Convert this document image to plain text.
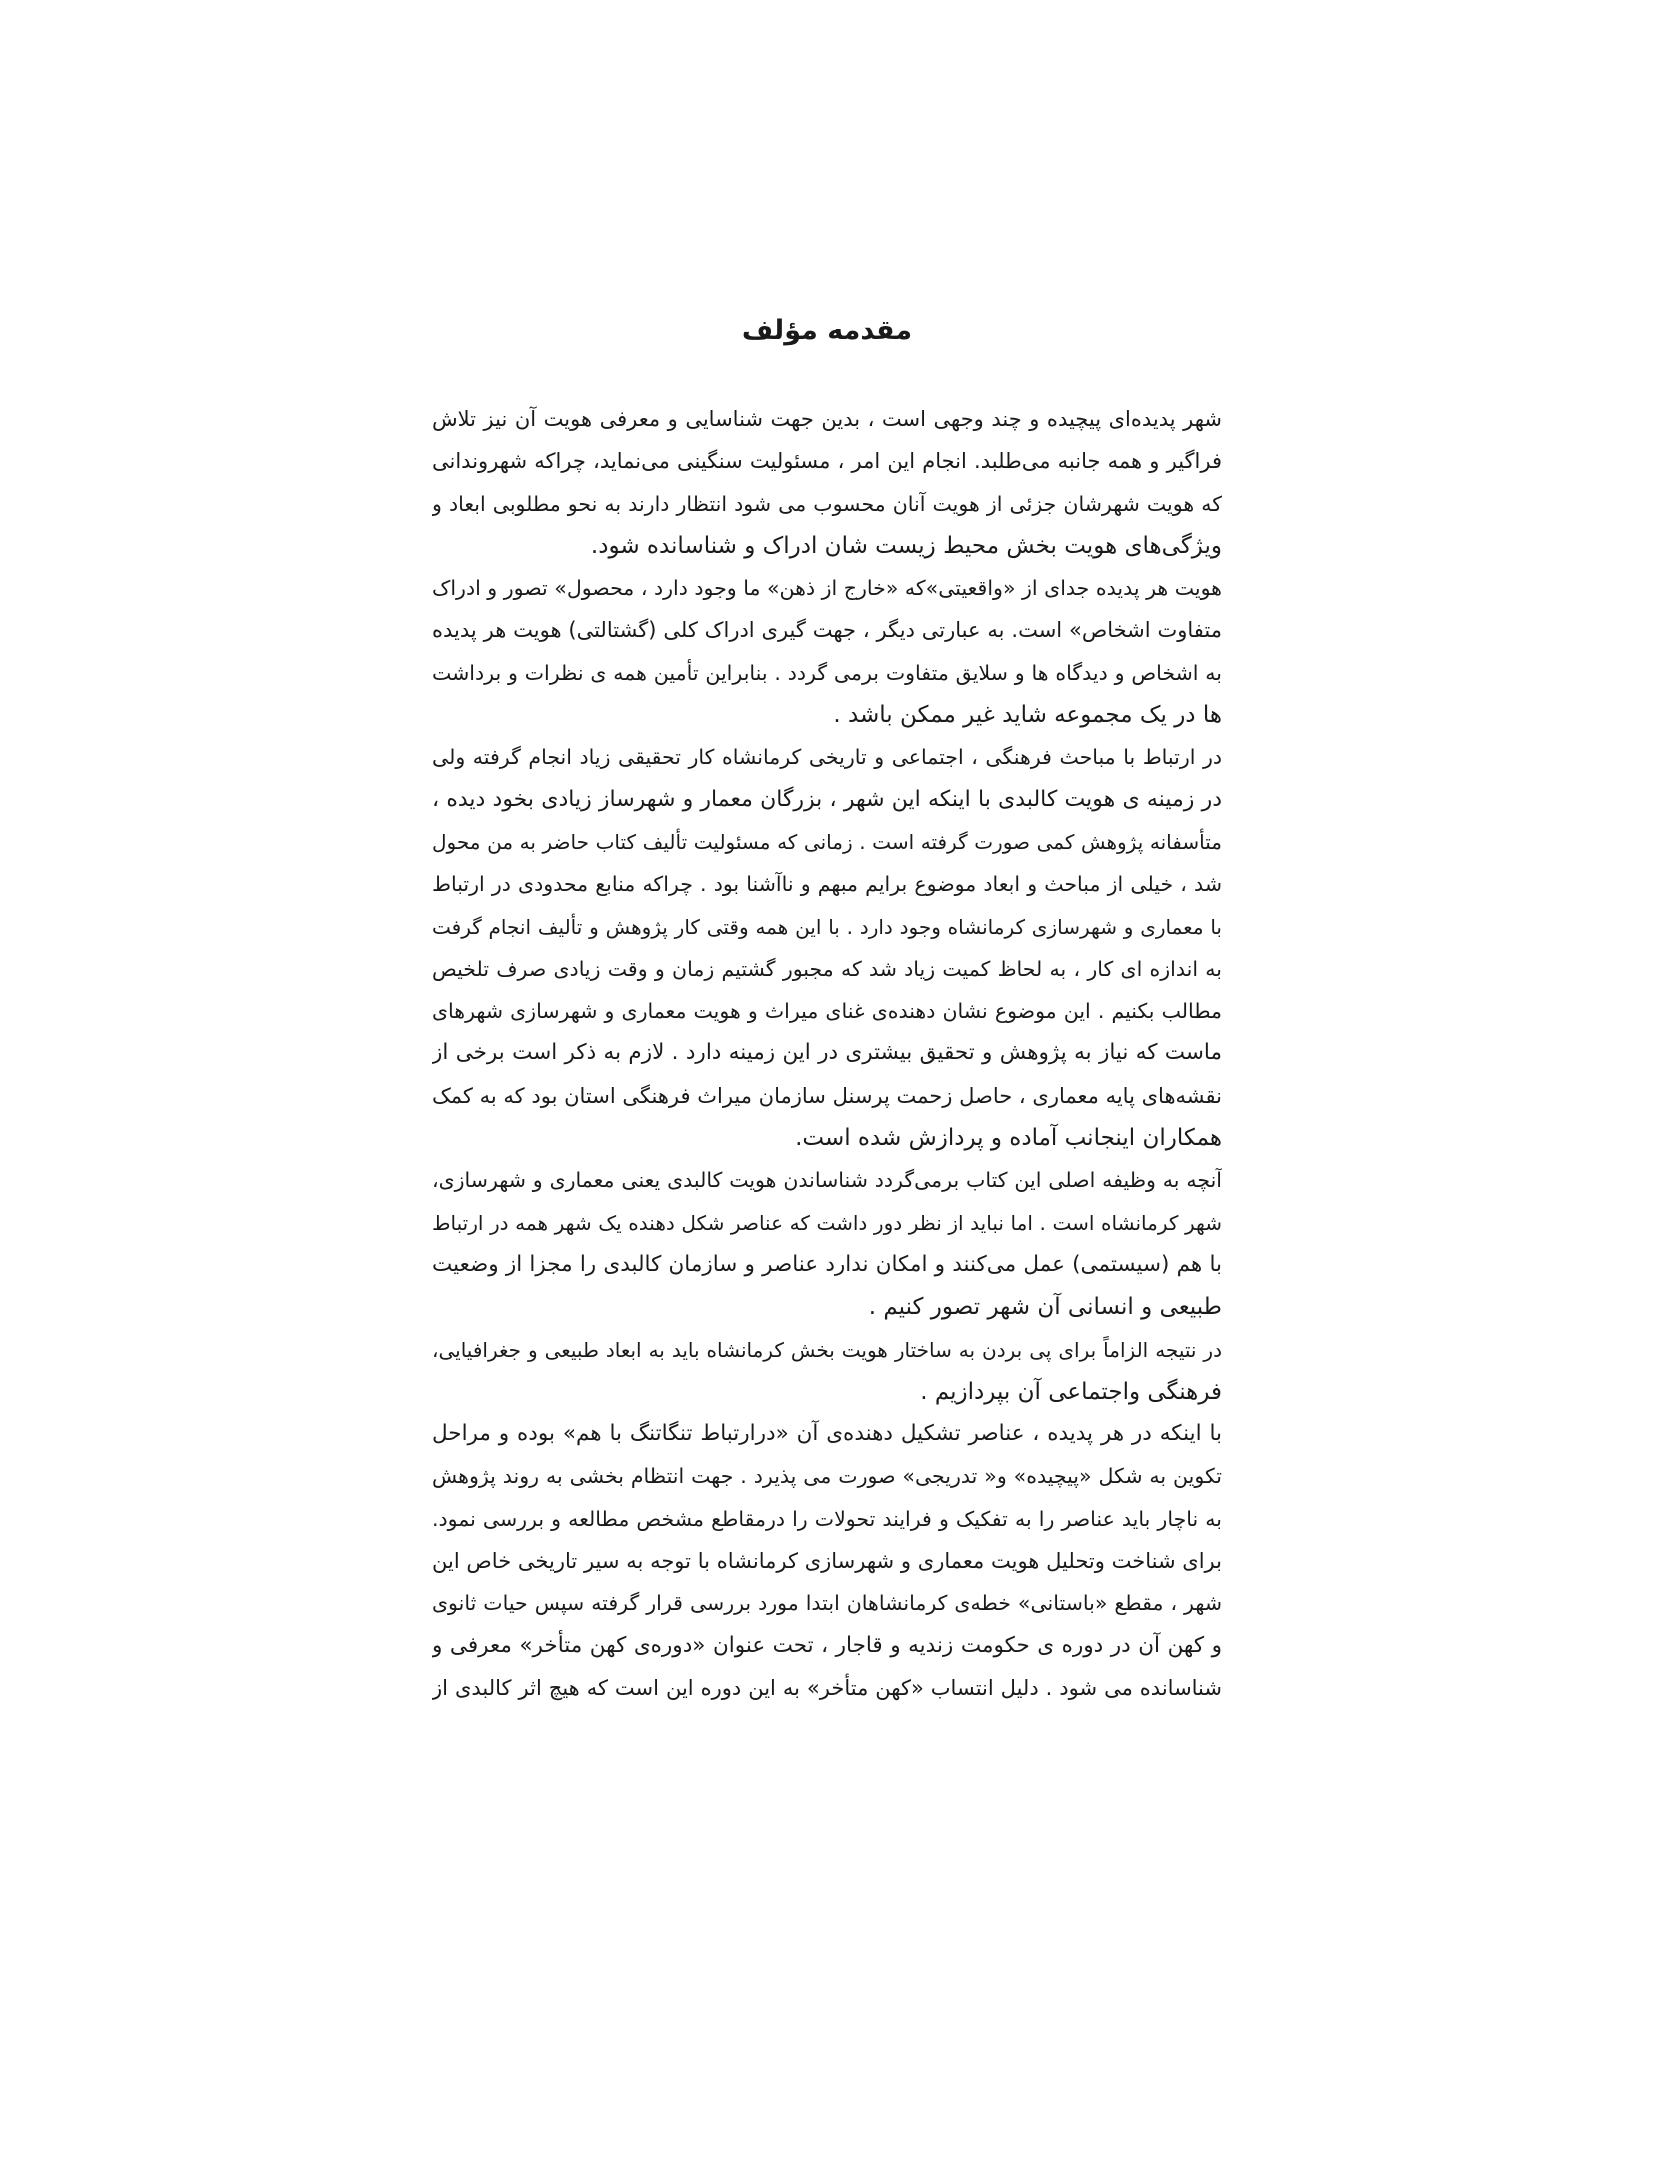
مقدمه مؤلف
شهر پدیده‌ای پیچیده و چند وجهی است ، بدین جهت شناسایی و معرفی هویت آن نیز تلاش
فراگیر و همه جانبه می‌طلبد. انجام این امر ، مسئولیت سنگینی می‌نماید، چراکه شهروندانی
که هویت شهرشان جزئی از هویت آنان محسوب می شود انتظار دارند به نحو مطلوبی ابعاد و
ویژگی‌های هویت بخش محیط زیست شان ادراک و شناسانده شود.
هویت هر پدیده جدای از «واقعیتی»که «خارج از ذهن» ما وجود دارد ، محصول» تصور و ادراک
متفاوت اشخاص» است. به عبارتی دیگر ، جهت گیری ادراک کلی (گشتالتی) هویت هر پدیده
به اشخاص و دیدگاه ها و سلایق متفاوت برمی گردد . بنابراین تأمین همه ی نظرات و برداشت
ها در یک مجموعه شاید غیر ممکن باشد .
در ارتباط با مباحث فرهنگی ، اجتماعی و تاریخی کرمانشاه کار تحقیقی زیاد انجام گرفته ولی
در زمینه ی هویت کالبدی با اینکه این شهر ، بزرگان معمار و شهرساز زیادی بخود دیده ،
متأسفانه پژوهش کمی صورت گرفته است . زمانی که مسئولیت تألیف کتاب حاضر به من محول
شد ، خیلی از مباحث و ابعاد موضوع برایم مبهم و ناآشنا بود . چراکه منابع محدودی در ارتباط
با معماری و شهرسازی کرمانشاه وجود دارد . با این همه وقتی کار پژوهش و تألیف انجام گرفت
به اندازه ای کار ، به لحاظ کمیت زیاد شد که مجبور گشتیم زمان و وقت زیادی صرف تلخیص
مطالب بکنیم . این موضوع نشان دهنده‌ی غنای میراث و هویت معماری و شهرسازی شهرهای
ماست که نیاز به پژوهش و تحقیق بیشتری در این زمینه دارد . لازم به ذکر است برخی از
نقشه‌های پایه معماری ، حاصل زحمت پرسنل سازمان میراث فرهنگی استان بود که به کمک
همکاران اینجانب آماده و پردازش شده است.
آنچه به وظیفه اصلی این کتاب برمی‌گردد شناساندن هویت کالبدی یعنی معماری و شهرسازی،
شهر کرمانشاه است . اما نباید از نظر دور داشت که عناصر شکل دهنده یک شهر همه در ارتباط
با هم (سیستمی) عمل می‌کنند و امکان ندارد عناصر و سازمان کالبدی را مجزا از وضعیت
طبیعی و انسانی آن شهر تصور کنیم .
در نتیجه الزاماً برای پی بردن به ساختار هویت بخش کرمانشاه باید به ابعاد طبیعی و جغرافیایی،
فرهنگی واجتماعی آن بپردازیم .
با اینکه در هر پدیده ، عناصر تشکیل دهنده‌ی آن «درارتباط تنگاتنگ با هم» بوده و مراحل
تکوین به شکل «پیچیده» و« تدریجی» صورت می پذیرد . جهت انتظام بخشی به روند پژوهش
به ناچار باید عناصر را به تفکیک و فرایند تحولات را درمقاطع مشخص مطالعه و بررسی نمود.
برای شناخت وتحلیل هویت معماری و شهرسازی کرمانشاه با توجه به سیر تاریخی خاص این
شهر ، مقطع «باستانی» خطه‌ی کرمانشاهان ابتدا مورد بررسی قرار گرفته سپس حیات ثانوی
و کهن آن در دوره ی حکومت زندیه و قاجار ، تحت عنوان «دوره‌ی کهن متأخر» معرفی و
شناسانده می شود . دلیل انتساب «کهن متأخر» به این دوره این است که هیچ اثر کالبدی از
